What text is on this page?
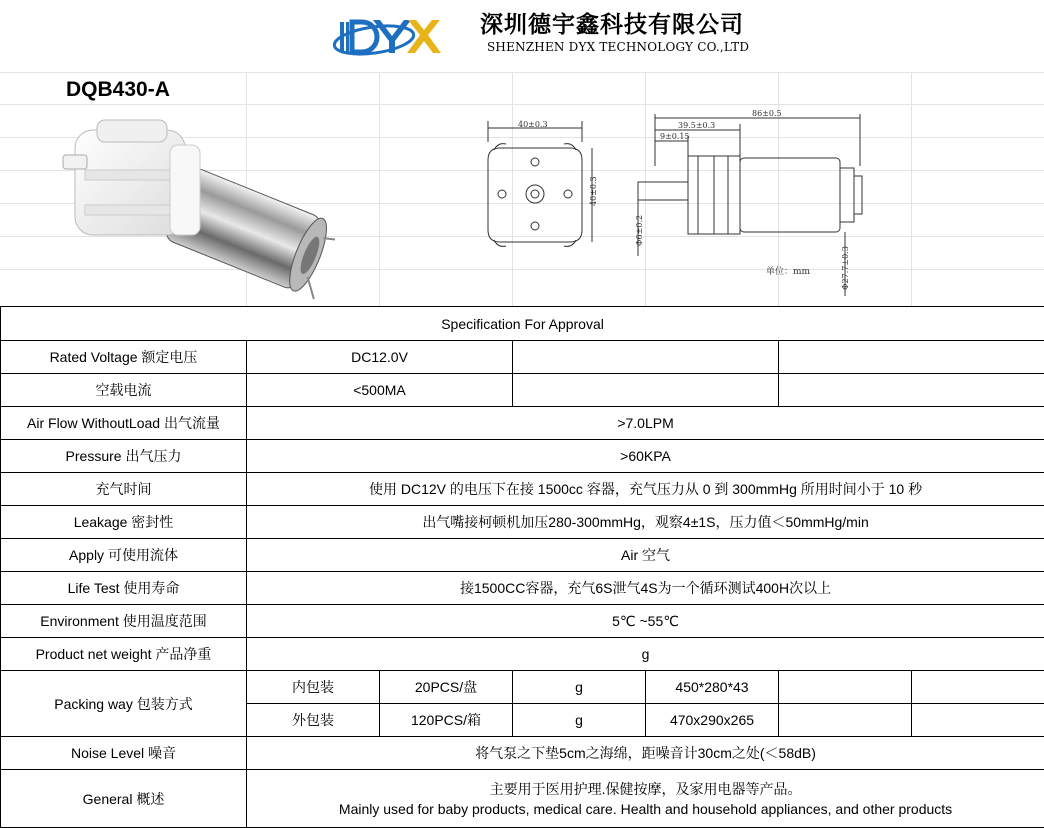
深圳德宇鑫科技有限公司
SHENZHEN DYX TECHNOLOGY CO.,LTD
DQB430-A
40±0.3
40±0.3
86±0.5
39.5±0.3
9±0.15
Φ6±0.2
Φ27.7±0.3
单位：mm
Specification For Approval						
Rated Voltage 额定电压	DC12.0V					
空载电流	<500MA					
Air Flow WithoutLoad 出气流量	>7.0LPM					
Pressure 出气压力	>60KPA					
充气时间	使用 DC12V 的电压下在接 1500cc 容器，充气压力从 0 到 300mmHg 所用时间小于 10 秒					
Leakage 密封性	出气嘴接柯顿机加压280-300mmHg，观察4±1S，压力值＜50mmHg/min					
Apply 可使用流体	Air 空气					
Life Test 使用寿命	接1500CC容器，充气6S泄气4S为一个循环测试400H次以上					
Environment 使用温度范围	5℃ ~55℃					
Product net weight 产品净重	g					
Packing way 包装方式	内包装	20PCS/盘	g	450*280*43		
	外包装	120PCS/箱	g	470x290x265		
Noise Level 噪音	将气泵之下垫5cm之海绵，距噪音计30cm之处(＜58dB)					
General 概述	主要用于医用护理.保健按摩，及家用电器等产品。
Mainly used for baby products, medical care. Health and household appliances, and other products					
